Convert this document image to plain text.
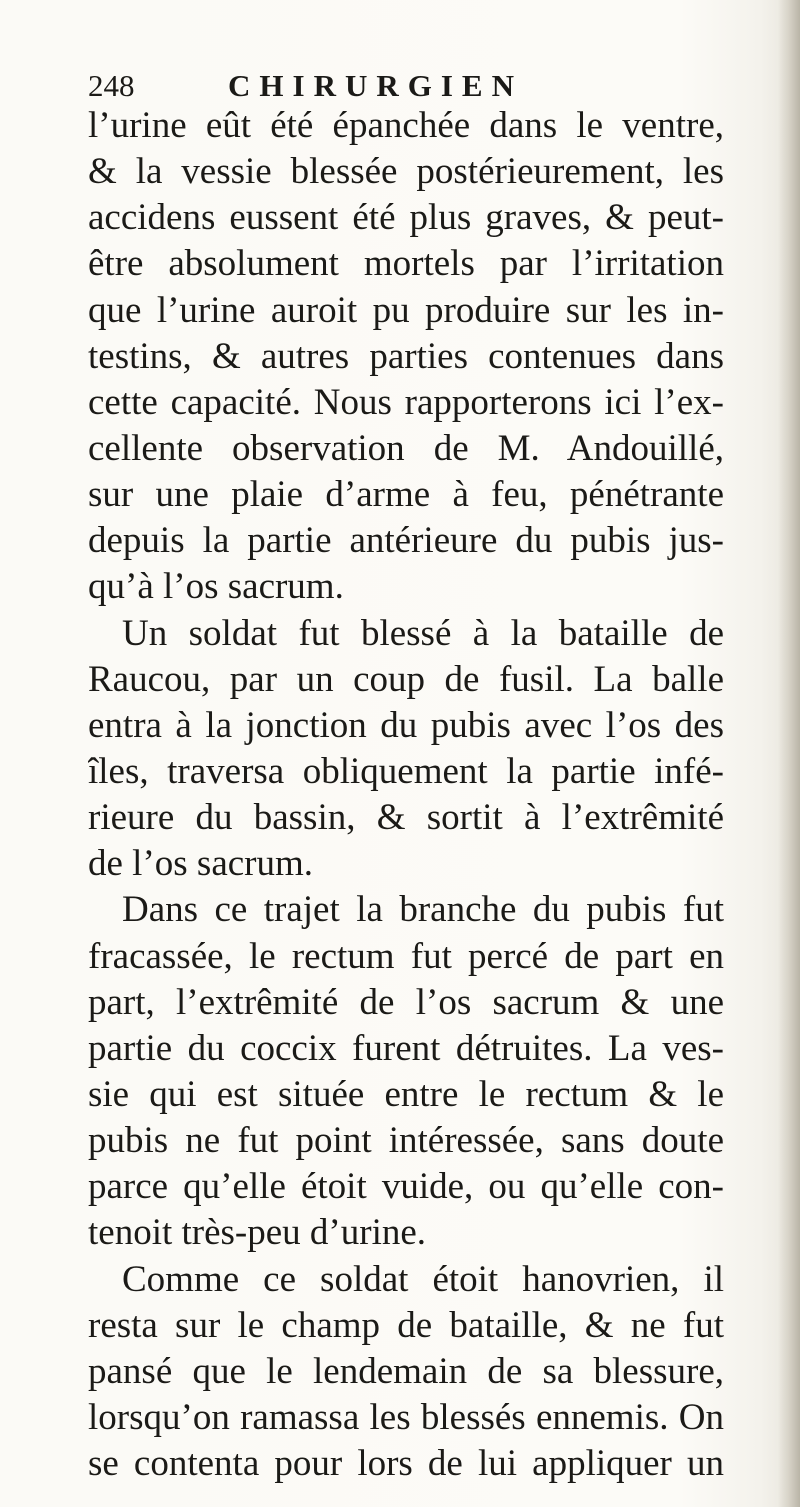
248	CHIRURGIEN
l’urine eût été épanchée dans le ventre,
& la vessie blessée postérieurement, les
accidens eussent été plus graves, & peut-
être absolument mortels par l’irritation
que l’urine auroit pu produire sur les in-
testins, & autres parties contenues dans
cette capacité. Nous rapporterons ici l’ex-
cellente observation de M. Andouillé,
sur une plaie d’arme à feu, pénétrante
depuis la partie antérieure du pubis jus-
qu’à l’os sacrum.
Un soldat fut blessé à la bataille de
Raucou, par un coup de fusil. La balle
entra à la jonction du pubis avec l’os des
îles, traversa obliquement la partie infé-
rieure du bassin, & sortit à l’extrêmité
de l’os sacrum.
Dans ce trajet la branche du pubis fut
fracassée, le rectum fut percé de part en
part, l’extrêmité de l’os sacrum & une
partie du coccix furent détruites. La ves-
sie qui est située entre le rectum & le
pubis ne fut point intéressée, sans doute
parce qu’elle étoit vuide, ou qu’elle con-
tenoit très-peu d’urine.
Comme ce soldat étoit hanovrien, il
resta sur le champ de bataille, & ne fut
pansé que le lendemain de sa blessure,
lorsqu’on ramassa les blessés ennemis. On
se contenta pour lors de lui appliquer un
